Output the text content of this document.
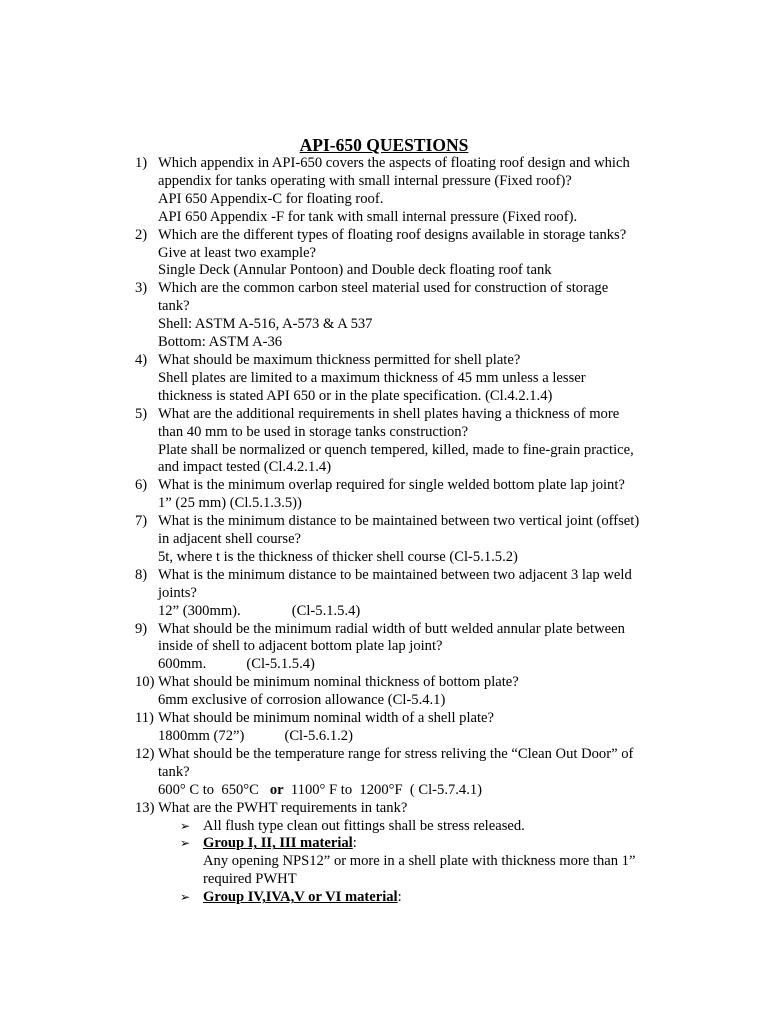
API-650 QUESTIONS
1) Which appendix in API-650 covers the aspects of floating roof design and which
appendix for tanks operating with small internal pressure (Fixed roof)?
API 650 Appendix-C for floating roof.
API 650 Appendix -F for tank with small internal pressure (Fixed roof).
2) Which are the different types of floating roof designs available in storage tanks?
Give at least two example?
Single Deck (Annular Pontoon) and Double deck floating roof tank
3) Which are the common carbon steel material used for construction of storage
tank?
Shell: ASTM A-516, A-573 & A 537
Bottom: ASTM A-36
4) What should be maximum thickness permitted for shell plate?
Shell plates are limited to a maximum thickness of 45 mm unless a lesser
thickness is stated API 650 or in the plate specification. (Cl.4.2.1.4)
5) What are the additional requirements in shell plates having a thickness of more
than 40 mm to be used in storage tanks construction?
Plate shall be normalized or quench tempered, killed, made to fine-grain practice,
and impact tested (Cl.4.2.1.4)
6) What is the minimum overlap required for single welded bottom plate lap joint?
1” (25 mm) (Cl.5.1.3.5))
7) What is the minimum distance to be maintained between two vertical joint (offset)
in adjacent shell course?
5t, where t is the thickness of thicker shell course (Cl-5.1.5.2)
8) What is the minimum distance to be maintained between two adjacent 3 lap weld
joints?
12” (300mm).              (Cl-5.1.5.4)
9) What should be the minimum radial width of butt welded annular plate between
inside of shell to adjacent bottom plate lap joint?
600mm.           (Cl-5.1.5.4)
10) What should be minimum nominal thickness of bottom plate?
6mm exclusive of corrosion allowance (Cl-5.4.1)
11) What should be minimum nominal width of a shell plate?
1800mm (72”)           (Cl-5.6.1.2)
12) What should be the temperature range for stress reliving the “Clean Out Door” of
tank?
600° C to  650°C   or  1100° F to  1200°F  ( Cl-5.7.4.1)
13) What are the PWHT requirements in tank?
➢ All flush type clean out fittings shall be stress released.
➢ Group I, II, III material:
Any opening NPS12” or more in a shell plate with thickness more than 1”
required PWHT
➢ Group IV,IVA,V or VI material:
